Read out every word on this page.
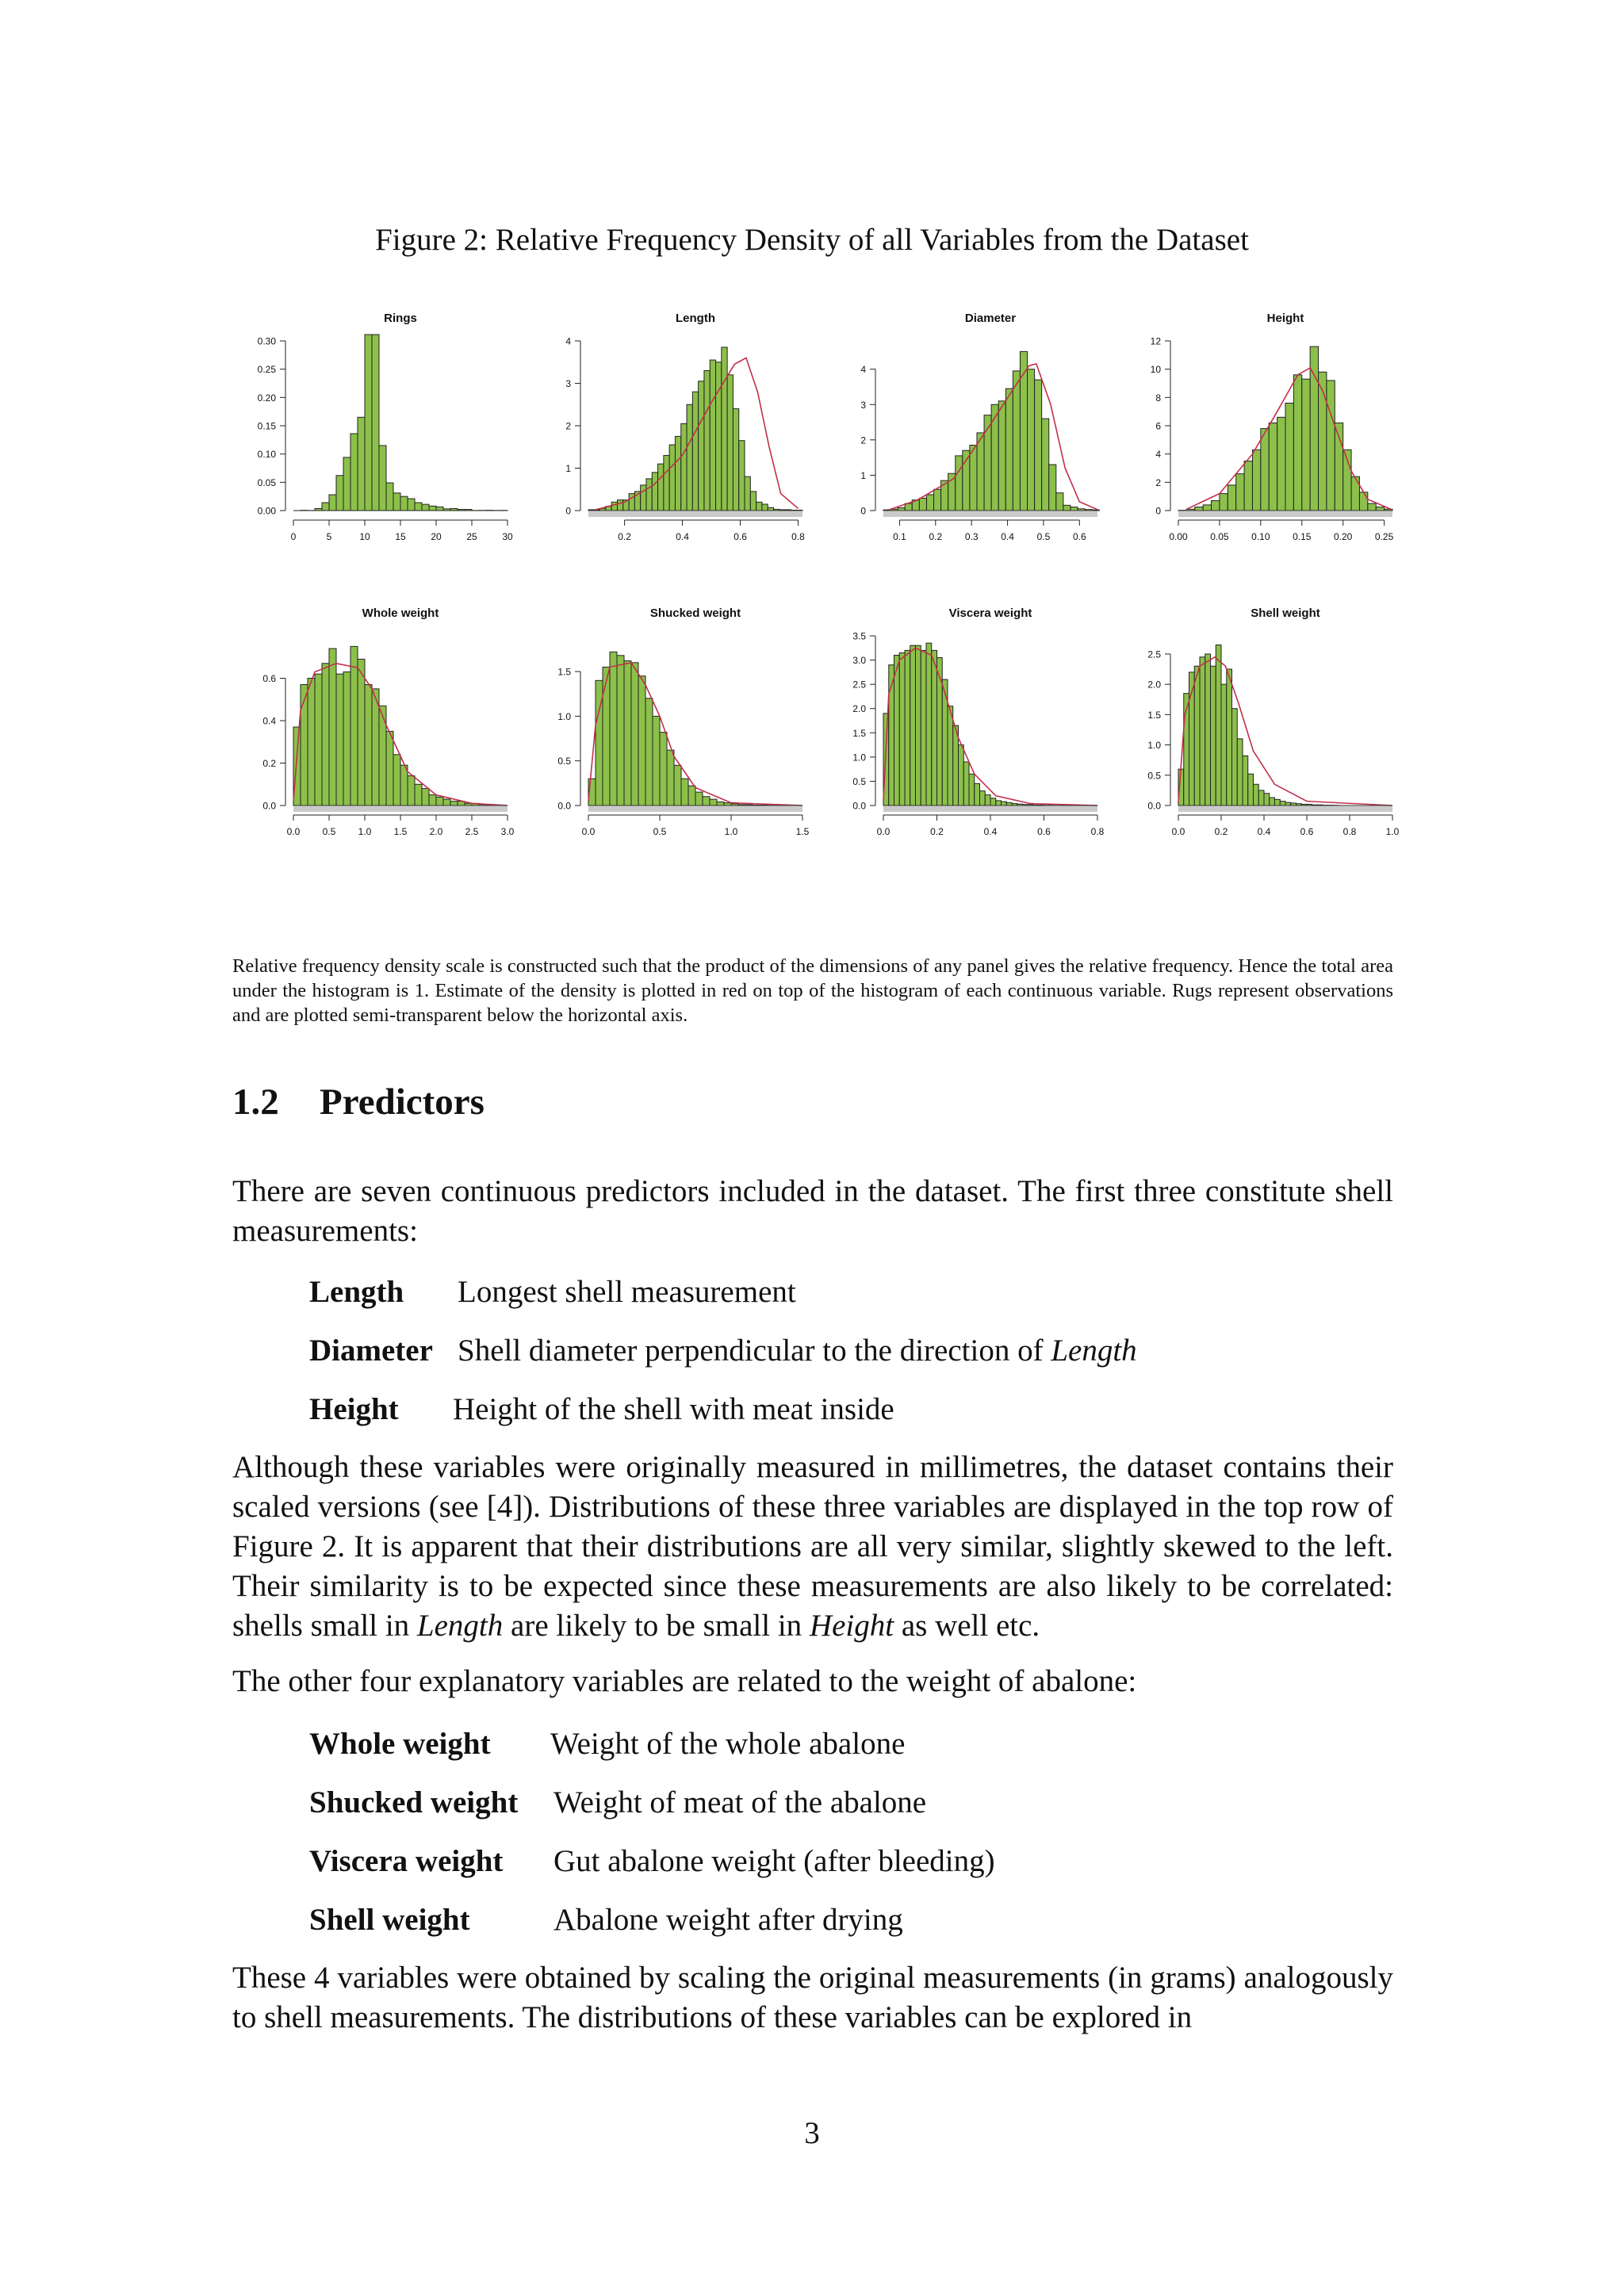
Figure 2: Relative Frequency Density of all Variables from the Dataset
Rings
0.00
0.05
0.10
0.15
0.20
0.25
0.30
0	5	10	15	20	25	30
Length
0
1
2
3
4
0.2	0.4	0.6	0.8
Diameter
0
1
2
3
4
0.1 0.2 0.3 0.4 0.5 0.6
Height
0
2
4
6
8
10
12
0.00 0.05 0.10 0.15 0.20 0.25
Whole weight
0.0
0.2
0.4
0.6
0.0 0.5 1.0 1.5 2.0 2.5 3.0
Shucked weight
0.0
0.5
1.0
1.5
0.0	0.5	1.0	1.5
Viscera weight
0.0
0.5
1.0
1.5
2.0
2.5
3.0
3.5
0.0	0.2	0.4	0.6	0.8
Shell weight
0.0
0.5
1.0
1.5
2.0
2.5
0.0	0.2	0.4	0.6	0.8	1.0

Relative frequency density scale is constructed such that the product of the dimensions of any panel gives the relative frequency. Hence the total area under the histogram is 1. Estimate of the density is plotted in red on top of the histogram of each continuous variable. Rugs represent observations and are plotted semi-transparent below the horizontal axis.

1.2 Predictors

There are seven continuous predictors included in the dataset. The first three constitute shell measurements:

Length Longest shell measurement
Diameter Shell diameter perpendicular to the direction of Length
Height Height of the shell with meat inside

Although these variables were originally measured in millimetres, the dataset contains their scaled versions (see [4]). Distributions of these three variables are displayed in the top row of Figure 2. It is apparent that their distributions are all very similar, slightly skewed to the left. Their similarity is to be expected since these measurements are also likely to be correlated: shells small in Length are likely to be small in Height as well etc.

The other four explanatory variables are related to the weight of abalone:

Whole weight Weight of the whole abalone
Shucked weight Weight of meat of the abalone
Viscera weight Gut abalone weight (after bleeding)
Shell weight	Abalone weight after drying

These 4 variables were obtained by scaling the original measurements (in grams) analogously to shell measurements. The distributions of these variables can be explored in

3
